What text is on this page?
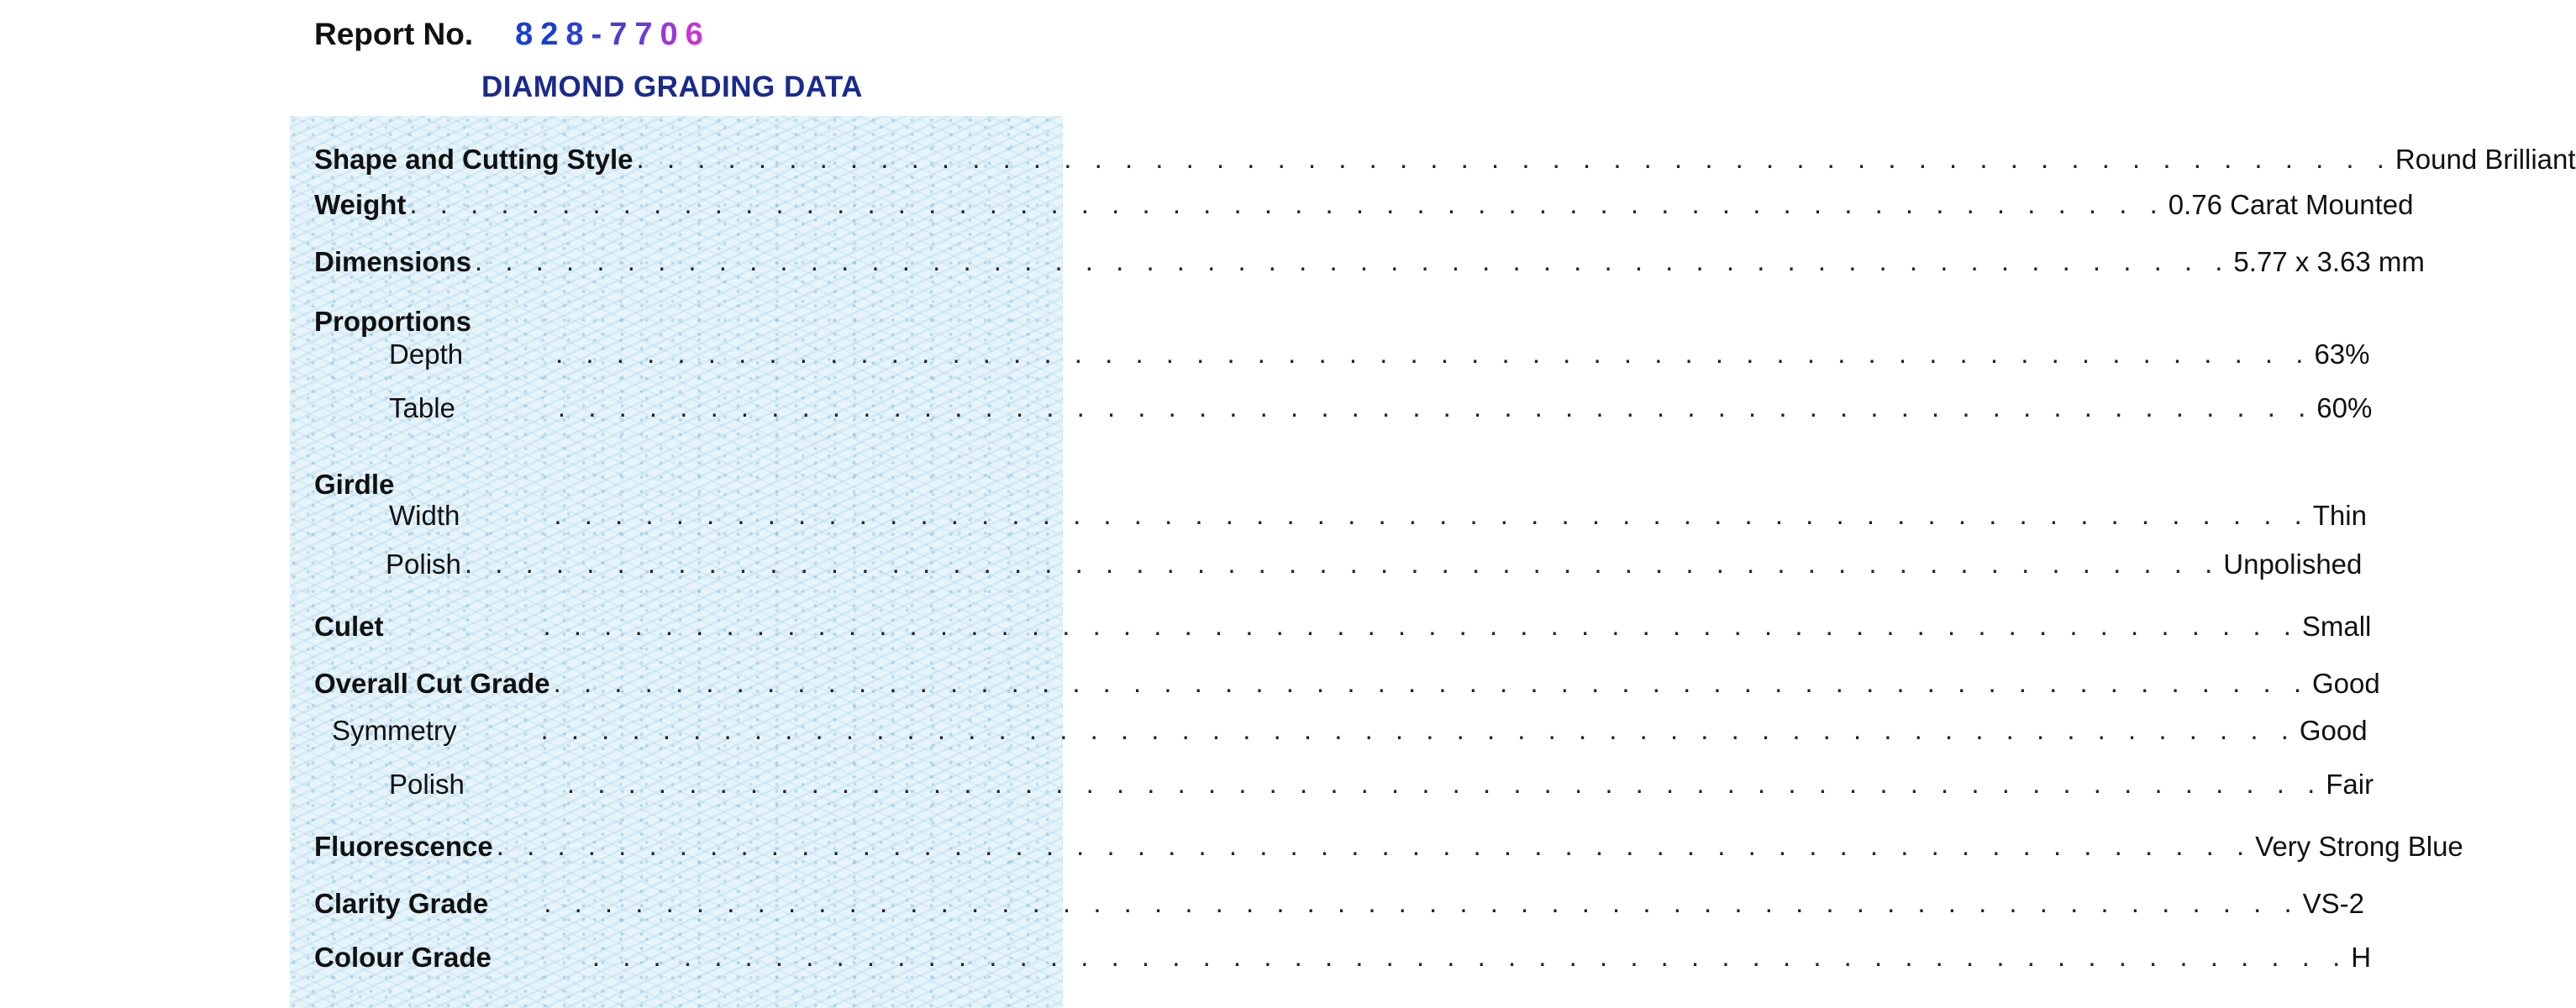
Report No. 8 2 8 - 7 7 0 6
DIAMOND GRADING DATA
Shape and Cutting Style . . . . . . . . . . . . . . . . . . . . . . . . . . . . . . . . . . . . . . . . . . . . . . . . . . . . . . . . . . Round Brilliant
Weight . . . . . . . . . . . . . . . . . . . . . . . . . . . . . . . . . . . . . . . . . . . . . . . . . . . . . . . . . . 0.76 Carat Mounted
Dimensions . . . . . . . . . . . . . . . . . . . . . . . . . . . . . . . . . . . . . . . . . . . . . . . . . . . . . . . . . . 5.77 x 3.63 mm
Proportions
Depth	. . . . . . . . . . . . . . . . . . . . . . . . . . . . . . . . . . . . . . . . . . . . . . . . . . . . . . . . . . 63%
Table	. . . . . . . . . . . . . . . . . . . . . . . . . . . . . . . . . . . . . . . . . . . . . . . . . . . . . . . . . . 60%
Girdle
Width	. . . . . . . . . . . . . . . . . . . . . . . . . . . . . . . . . . . . . . . . . . . . . . . . . . . . . . . . . . Thin
Polish . . . . . . . . . . . . . . . . . . . . . . . . . . . . . . . . . . . . . . . . . . . . . . . . . . . . . . . . . . Unpolished
Culet	. . . . . . . . . . . . . . . . . . . . . . . . . . . . . . . . . . . . . . . . . . . . . . . . . . . . . . . . . . Small
Overall Cut Grade . . . . . . . . . . . . . . . . . . . . . . . . . . . . . . . . . . . . . . . . . . . . . . . . . . . . . . . . . . Good
Symmetry	. . . . . . . . . . . . . . . . . . . . . . . . . . . . . . . . . . . . . . . . . . . . . . . . . . . . . . . . . . Good
Polish	. . . . . . . . . . . . . . . . . . . . . . . . . . . . . . . . . . . . . . . . . . . . . . . . . . . . . . . . . . Fair
Fluorescence . . . . . . . . . . . . . . . . . . . . . . . . . . . . . . . . . . . . . . . . . . . . . . . . . . . . . . . . . . Very Strong Blue
Clarity Grade . . . . . . . . . . . . . . . . . . . . . . . . . . . . . . . . . . . . . . . . . . . . . . . . . . . . . . . . . . VS-2
Colour Grade	. . . . . . . . . . . . . . . . . . . . . . . . . . . . . . . . . . . . . . . . . . . . . . . . . . . . . . . . . . H
